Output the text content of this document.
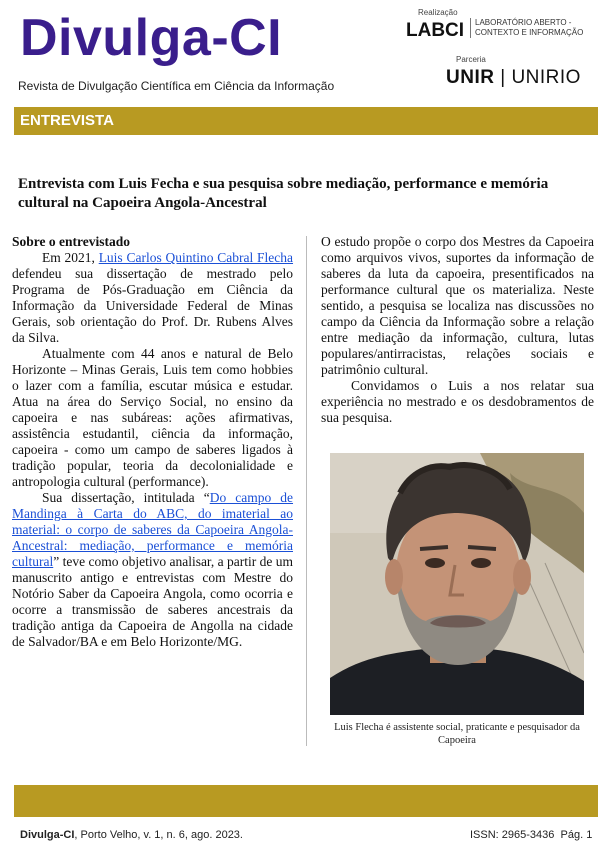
Divulga-CI
Revista de Divulgação Científica em Ciência da Informação
Realização
LABCI	LABORATÓRIO ABERTO - CONTEXTO E INFORMAÇÃO
Parceria
UNIR | UNIRIO
ENTREVISTA
Entrevista com Luis Fecha e sua pesquisa sobre mediação, performance e memória cultural na Capoeira Angola-Ancestral

Sobre o entrevistado

Em 2021, Luis Carlos Quintino Cabral Flecha defendeu sua dissertação de mestrado pelo Programa de Pós-Graduação em Ciência da Informação da Universidade Federal de Minas Gerais, sob orientação do Prof. Dr. Rubens Alves da Silva.

Atualmente com 44 anos e natural de Belo Horizonte – Minas Gerais, Luis tem como hobbies o lazer com a família, escutar música e estudar. Atua na área do Serviço Social, no ensino da capoeira e nas subáreas: ações afirmativas, assistência estudantil, ciência da informação, capoeira - como um campo de saberes ligados à tradição popular, teoria da decolonialidade e antropologia cultural (performance).

Sua dissertação, intitulada “Do campo de Mandinga à Carta do ABC, do imaterial ao material: o corpo de saberes da Capoeira Angola-Ancestral: mediação, performance e memória cultural” teve como objetivo analisar, a partir de um manuscrito antigo e entrevistas com Mestre do Notório Saber da Capoeira Angola, como ocorria e ocorre a transmissão de saberes ancestrais da tradição antiga da Capoeira de Angolla na cidade de Salvador/BA e em Belo Horizonte/MG.

O estudo propõe o corpo dos Mestres da Capoeira como arquivos vivos, suportes da informação de saberes da luta da capoeira, presentificados na performance cultural que os materializa. Neste sentido, a pesquisa se localiza nas discussões no campo da Ciência da Informação sobre a relação entre mediação da informação, cultura, lutas populares/antirracistas, relações sociais e patrimônio cultural.

Convidamos o Luis a nos relatar sua experiência no mestrado e os desdobramentos de sua pesquisa.

Luis Flecha é assistente social, praticante e pesquisador da Capoeira
Divulga-CI, Porto Velho, v. 1, n. 6, ago. 2023.	ISSN: 2965-3436 Pág. 1
